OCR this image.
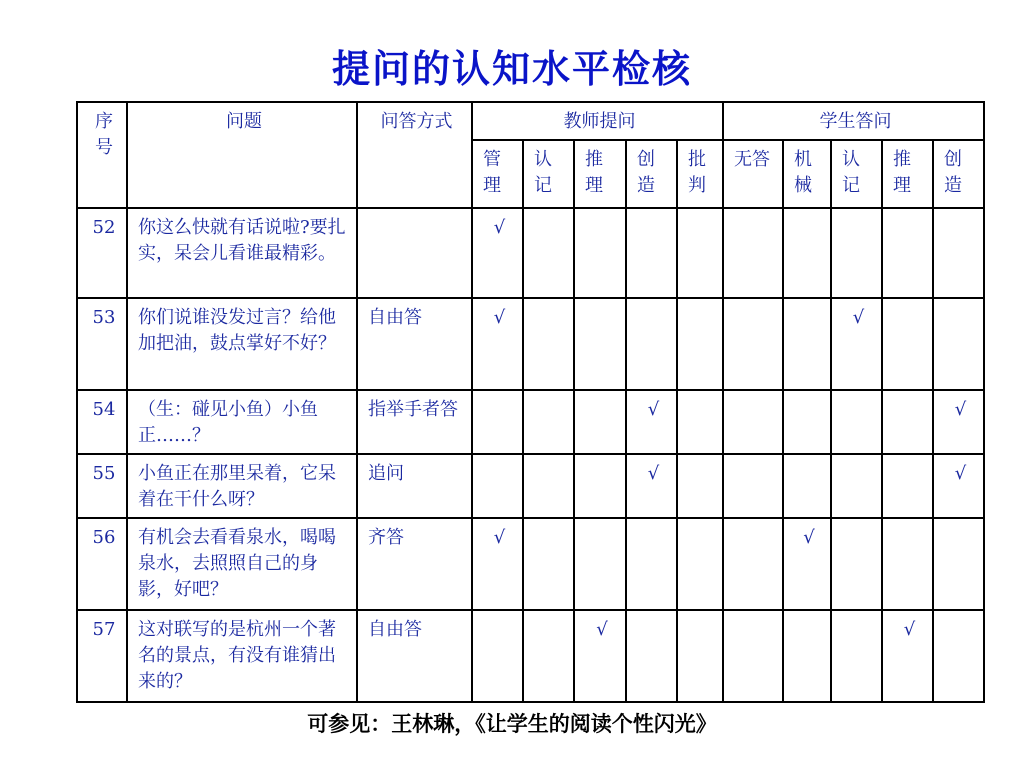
提问的认知水平检核
序号	问题	问答方式	教师提问					学生答问				
			管理	认记	推理	创造	批判	无答	机械	认记	推理	创造
52	你这么快就有话说啦?要扎实，呆会儿看谁最精彩。		√									
53	你们说谁没发过言？给他加把油，鼓点掌好不好？	自由答	√							√		
54	（生：碰见小鱼）小鱼正……？	指举手者答				√						√
55	小鱼正在那里呆着，它呆着在干什么呀？	追问				√						√
56	有机会去看看泉水，喝喝泉水，去照照自己的身影，好吧？	齐答	√						√			
57	这对联写的是杭州一个著名的景点，有没有谁猜出来的？	自由答			√						√	
可参见：王林琳，《让学生的阅读个性闪光》
